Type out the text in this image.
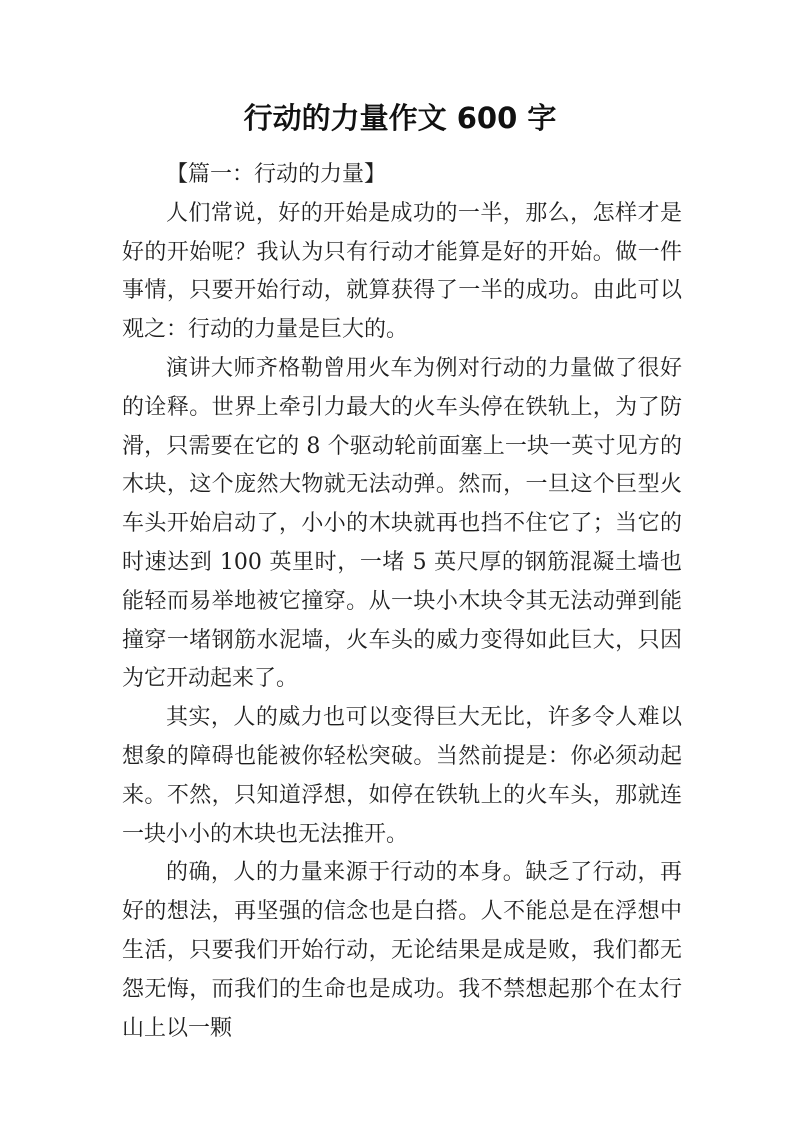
行动的力量作文 600 字

【篇一：行动的力量】

人们常说，好的开始是成功的一半，那么，怎样才是好的开始呢？我认为只有行动才能算是好的开始。做一件事情，只要开始行动，就算获得了一半的成功。由此可以观之：行动的力量是巨大的。

演讲大师齐格勒曾用火车为例对行动的力量做了很好的诠释。世界上牵引力最大的火车头停在铁轨上，为了防滑，只需要在它的 8 个驱动轮前面塞上一块一英寸见方的木块，这个庞然大物就无法动弹。然而，一旦这个巨型火车头开始启动了，小小的木块就再也挡不住它了；当它的时速达到 100 英里时，一堵 5 英尺厚的钢筋混凝土墙也能轻而易举地被它撞穿。从一块小木块令其无法动弹到能撞穿一堵钢筋水泥墙，火车头的威力变得如此巨大，只因为它开动起来了。

其实，人的威力也可以变得巨大无比，许多令人难以想象的障碍也能被你轻松突破。当然前提是：你必须动起来。不然，只知道浮想，如停在铁轨上的火车头，那就连一块小小的木块也无法推开。

的确，人的力量来源于行动的本身。缺乏了行动，再好的想法，再坚强的信念也是白搭。人不能总是在浮想中生活，只要我们开始行动，无论结果是成是败，我们都无怨无悔，而我们的生命也是成功。我不禁想起那个在太行山上以一颗
